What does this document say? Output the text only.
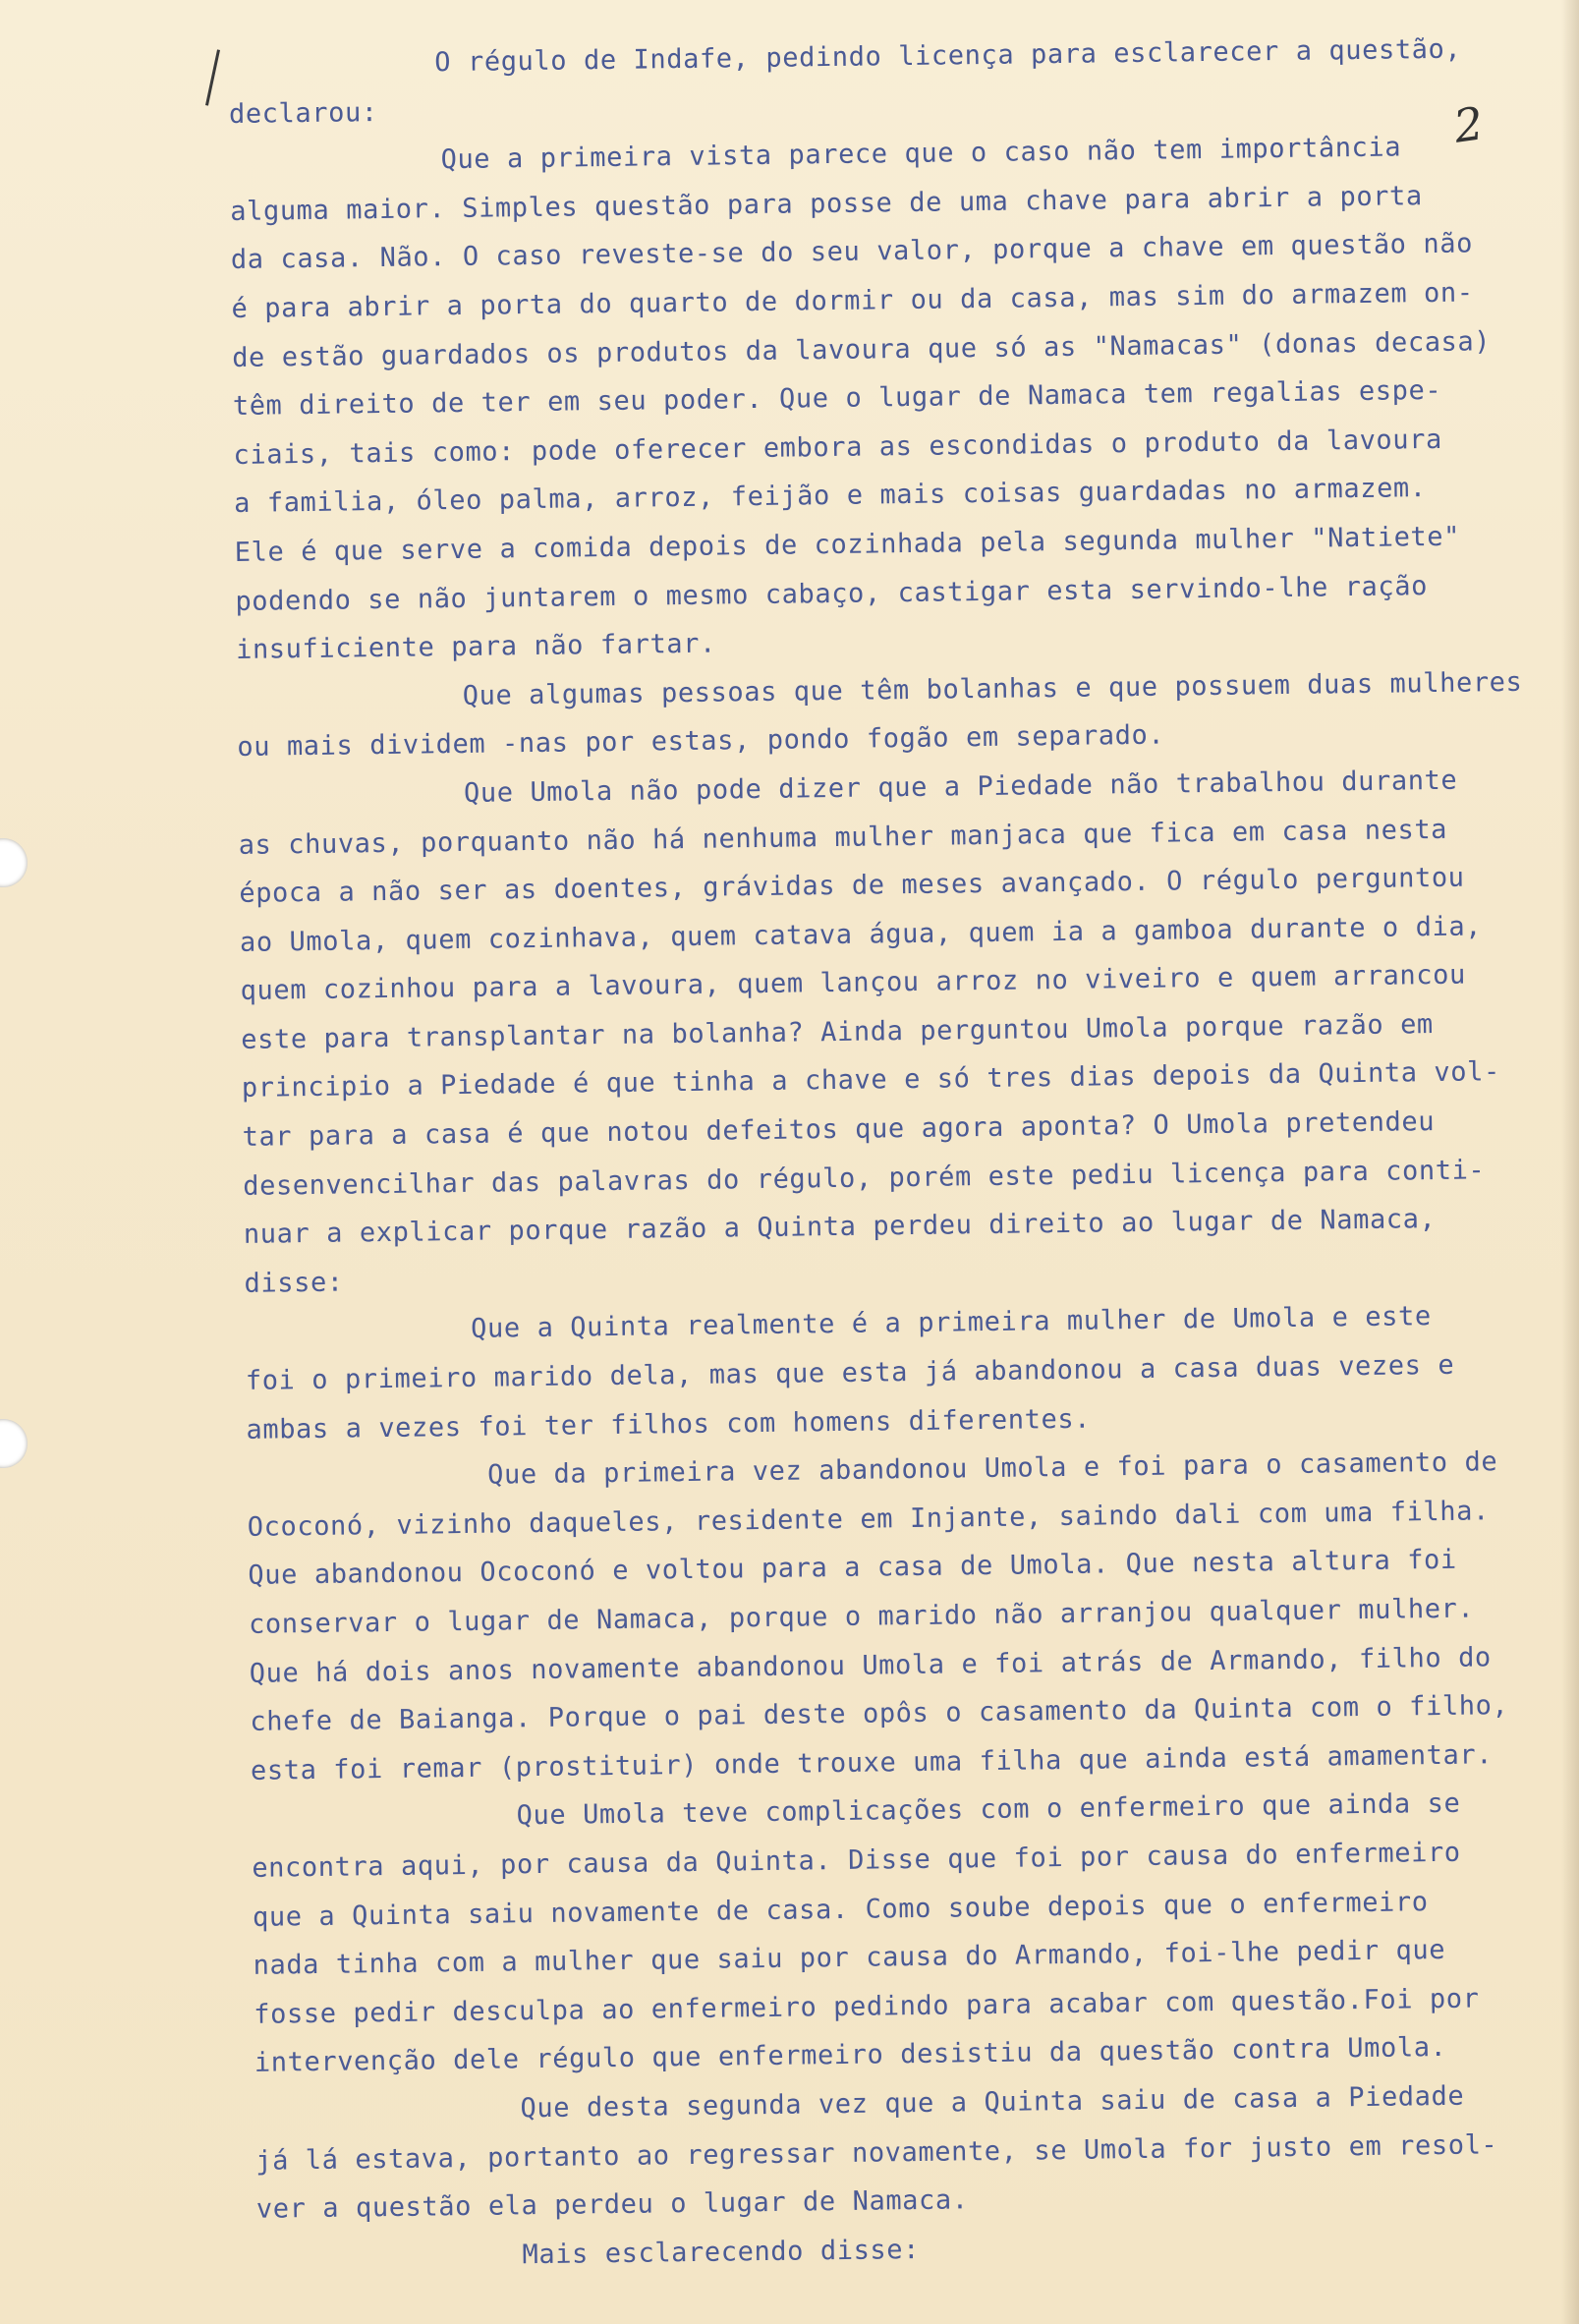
2
O régulo de Indafe, pedindo licença para esclarecer a questão,
declarou:
Que a primeira vista parece que o caso não tem importância
alguma maior. Simples questão para posse de uma chave para abrir a porta
da casa. Não. O caso reveste-se do seu valor, porque a chave em questão não
é para abrir a porta do quarto de dormir ou da casa, mas sim do armazem on-
de estão guardados os produtos da lavoura que só as "Namacas" (donas decasa)
têm direito de ter em seu poder. Que o lugar de Namaca tem regalias espe-
ciais, tais como: pode oferecer embora as escondidas o produto da lavoura
a familia, óleo palma, arroz, feijão e mais coisas guardadas no armazem.
Ele é que serve a comida depois de cozinhada pela segunda mulher "Natiete"
podendo se não juntarem o mesmo cabaço, castigar esta servindo-lhe ração
insuficiente para não fartar.
Que algumas pessoas que têm bolanhas e que possuem duas mulheres
ou mais dividem -nas por estas, pondo fogão em separado.
Que Umola não pode dizer que a Piedade não trabalhou durante
as chuvas, porquanto não há nenhuma mulher manjaca que fica em casa nesta
época a não ser as doentes, grávidas de meses avançado. O régulo perguntou
ao Umola, quem cozinhava, quem catava água, quem ia a gamboa durante o dia,
quem cozinhou para a lavoura, quem lançou arroz no viveiro e quem arrancou
este para transplantar na bolanha? Ainda perguntou Umola porque razão em
principio a Piedade é que tinha a chave e só tres dias depois da Quinta vol-
tar para a casa é que notou defeitos que agora aponta? O Umola pretendeu
desenvencilhar das palavras do régulo, porém este pediu licença para conti-
nuar a explicar porque razão a Quinta perdeu direito ao lugar de Namaca,
disse:
Que a Quinta realmente é a primeira mulher de Umola e este
foi o primeiro marido dela, mas que esta já abandonou a casa duas vezes e
ambas a vezes foi ter filhos com homens diferentes.
Que da primeira vez abandonou Umola e foi para o casamento de
Ococonó, vizinho daqueles, residente em Injante, saindo dali com uma filha.
Que abandonou Ococonó e voltou para a casa de Umola. Que nesta altura foi
conservar o lugar de Namaca, porque o marido não arranjou qualquer mulher.
Que há dois anos novamente abandonou Umola e foi atrás de Armando, filho do
chefe de Baianga. Porque o pai deste opôs o casamento da Quinta com o filho,
esta foi remar (prostituir) onde trouxe uma filha que ainda está amamentar.
Que Umola teve complicações com o enfermeiro que ainda se
encontra aqui, por causa da Quinta. Disse que foi por causa do enfermeiro
que a Quinta saiu novamente de casa. Como soube depois que o enfermeiro
nada tinha com a mulher que saiu por causa do Armando, foi-lhe pedir que
fosse pedir desculpa ao enfermeiro pedindo para acabar com questão.Foi por
intervenção dele régulo que enfermeiro desistiu da questão contra Umola.
Que desta segunda vez que a Quinta saiu de casa a Piedade
já lá estava, portanto ao regressar novamente, se Umola for justo em resol-
ver a questão ela perdeu o lugar de Namaca.
Mais esclarecendo disse:
